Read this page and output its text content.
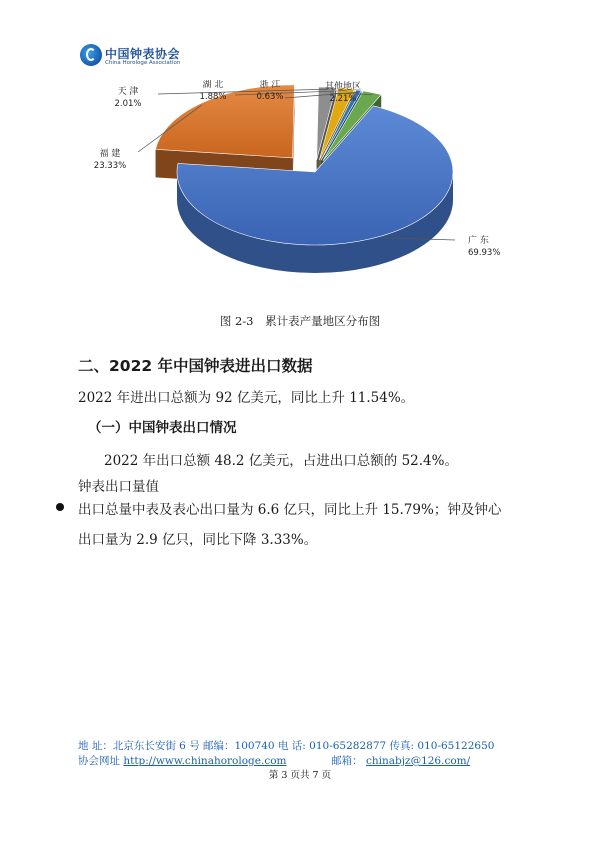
中国钟表协会
China Horologe Association
广 东
69.93%
福 建
23.33%
天 津
2.01%
湖 北
1.88%
浙 江
0.63%
其他地区
2.21%
图 2-3 累计表产量地区分布图
二、2022 年中国钟表进出口数据
2022 年进出口总额为 92 亿美元，同比上升 11.54%。
（一）中国钟表出口情况
2022 年出口总额 48.2 亿美元，占进出口总额的 52.4%。
钟表出口量值
出口总量中表及表心出口量为 6.6 亿只，同比上升 15.79%；钟及钟心
出口量为 2.9 亿只，同比下降 3.33%。
地 址：北京东长安街 6 号 邮编：100740 电 话: 010-65282877 传真: 010-65122650
协会网址 http://www.chinahorologe.com	邮箱： chinabjz@126.com/
第 3 页共 7 页
